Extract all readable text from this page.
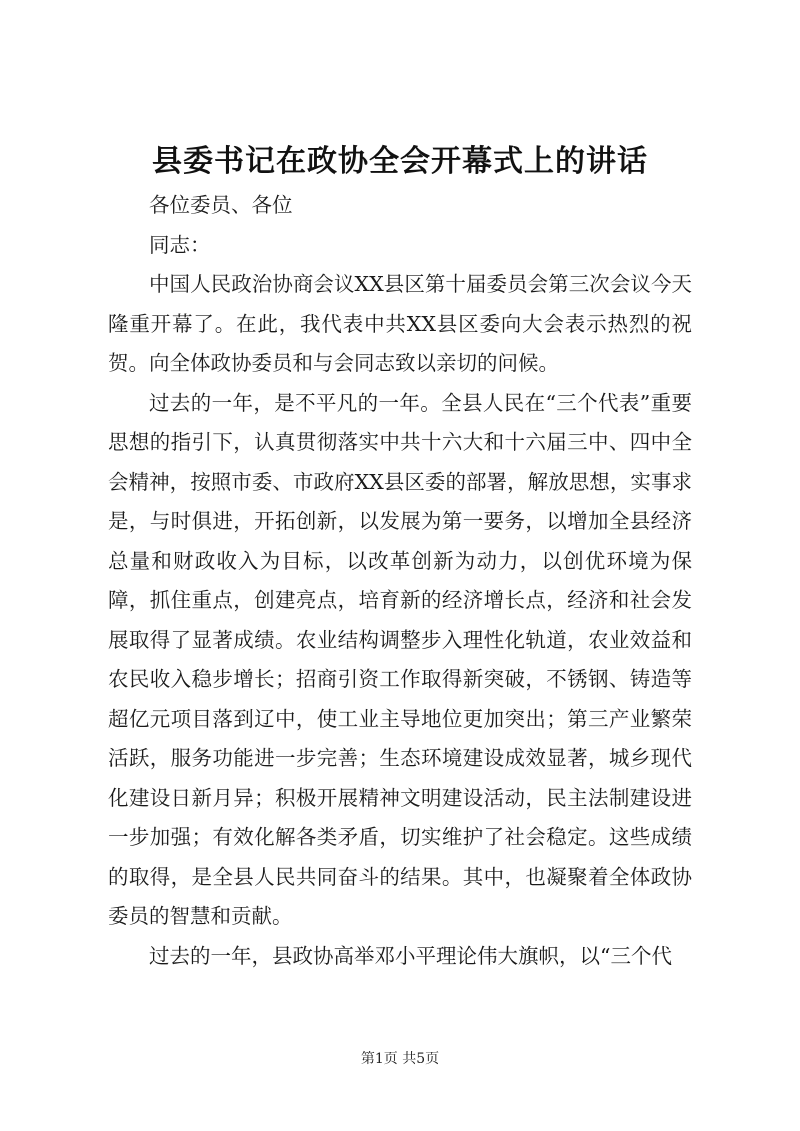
县委书记在政协全会开幕式上的讲话

各位委员、各位

同志：

中国人民政治协商会议XX县区第十届委员会第三次会议今天隆重开幕了。在此，我代表中共XX县区委向大会表示热烈的祝贺。向全体政协委员和与会同志致以亲切的问候。

过去的一年，是不平凡的一年。全县人民在“三个代表”重要思想的指引下，认真贯彻落实中共十六大和十六届三中、四中全会精神，按照市委、市政府XX县区委的部署，解放思想，实事求是，与时俱进，开拓创新，以发展为第一要务，以增加全县经济总量和财政收入为目标，以改革创新为动力，以创优环境为保障，抓住重点，创建亮点，培育新的经济增长点，经济和社会发展取得了显著成绩。农业结构调整步入理性化轨道，农业效益和农民收入稳步增长；招商引资工作取得新突破，不锈钢、铸造等超亿元项目落到辽中，使工业主导地位更加突出；第三产业繁荣活跃，服务功能进一步完善；生态环境建设成效显著，城乡现代化建设日新月异；积极开展精神文明建设活动，民主法制建设进一步加强；有效化解各类矛盾，切实维护了社会稳定。这些成绩的取得，是全县人民共同奋斗的结果。其中，也凝聚着全体政协委员的智慧和贡献。

过去的一年，县政协高举邓小平理论伟大旗帜，以“三个代

第1页 共5页
